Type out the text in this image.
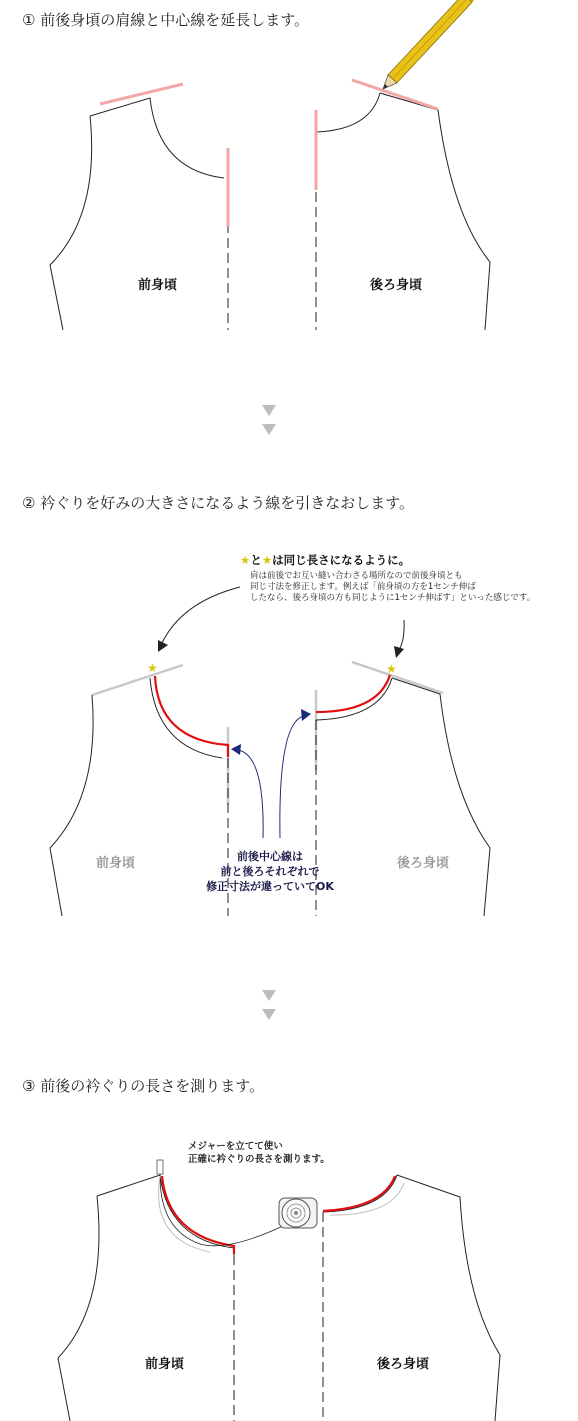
① 前後身頃の肩線と中心線を延長します。
★	★
前身頃	後ろ身頃
② 衿ぐりを好みの大きさになるよう線を引きなおします。
★と★は同じ長さになるように。
肩は前後でお互い縫い合わさる場所なので前後身頃とも
同じ寸法を修正します。例えば「前身頃の方を1センチ伸ば
したなら、後ろ身頃の方も同じように1センチ伸ばす」といった感じです。
前身頃	後ろ身頃
前後中心線は
前と後ろそれぞれで
修正寸法が違っていてOK
③ 前後の衿ぐりの長さを測ります。
メジャーを立てて使い
正確に衿ぐりの長さを測ります。
前身頃	後ろ身頃
